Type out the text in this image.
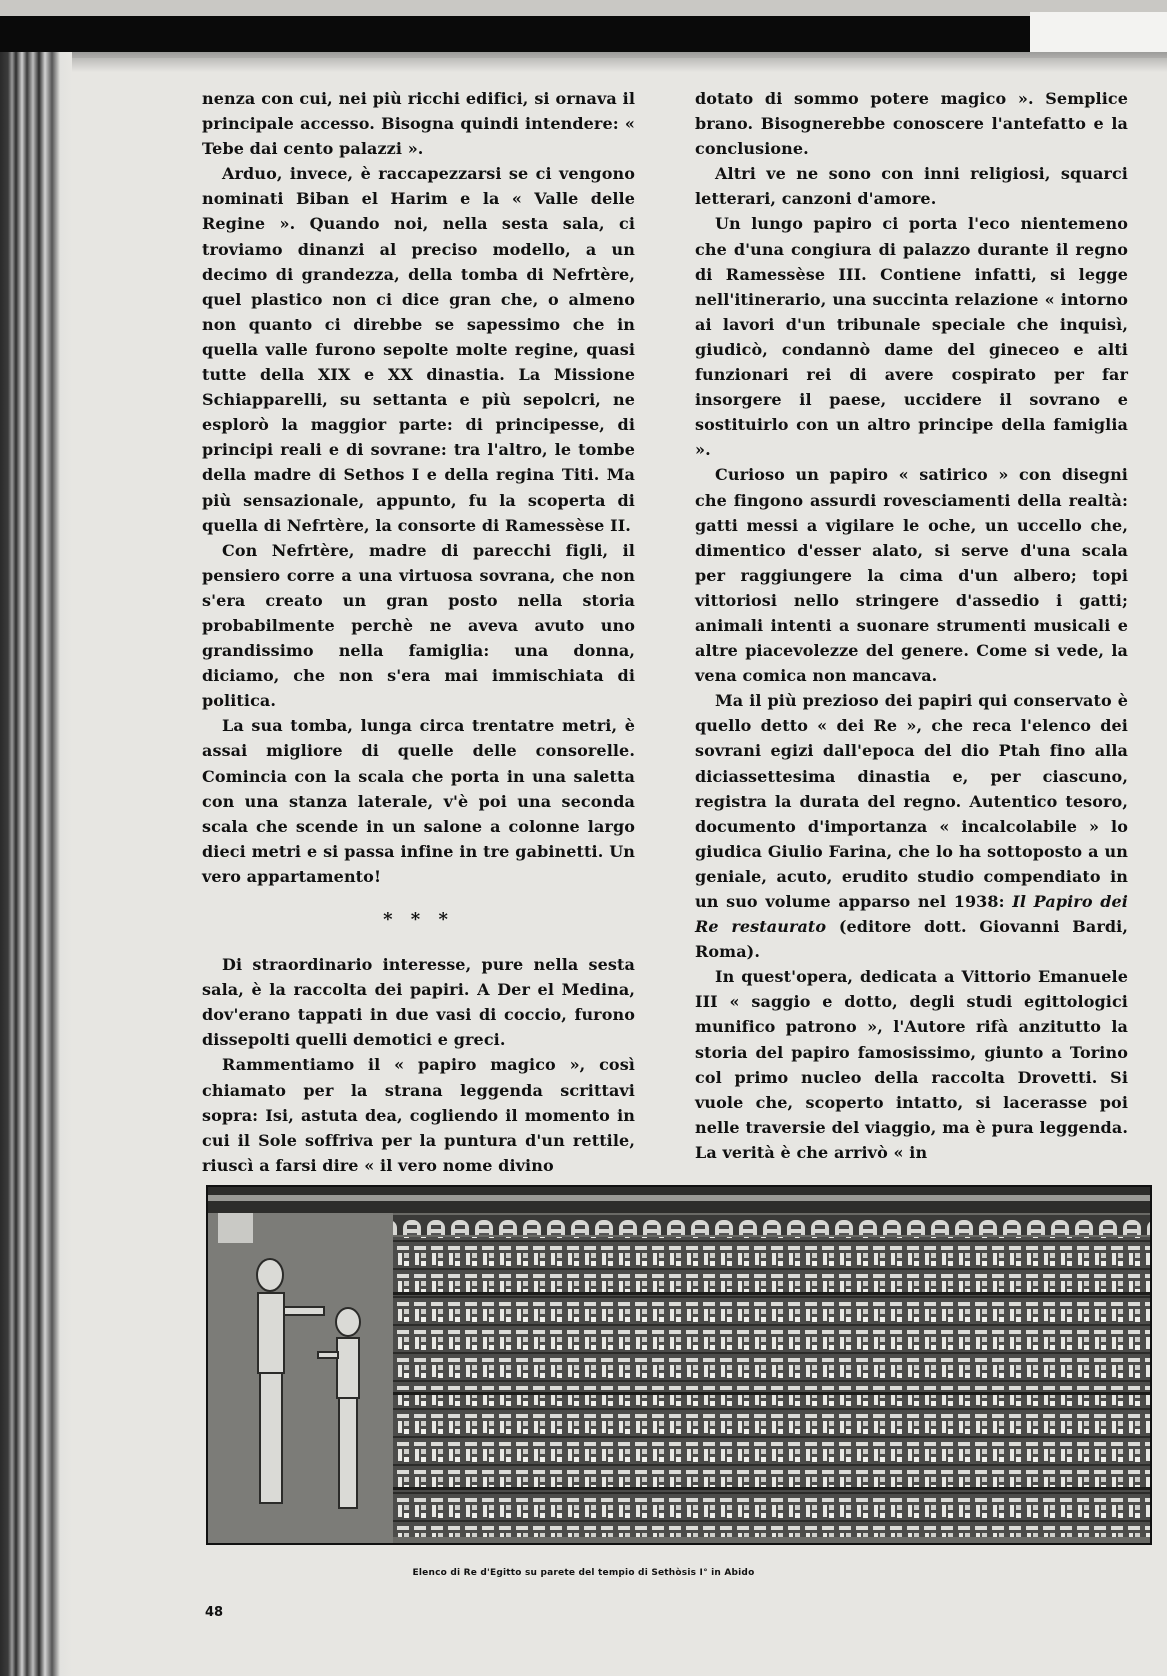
nenza con cui, nei più ricchi edifici, si ornava il principale accesso. Bisogna quindi intendere: « Tebe dai cento palazzi ».

Arduo, invece, è raccapezzarsi se ci vengono nominati Biban el Harim e la « Valle delle Regine ». Quando noi, nella sesta sala, ci troviamo dinanzi al preciso modello, a un decimo di grandezza, della tomba di Nefrtère, quel plastico non ci dice gran che, o almeno non quanto ci direbbe se sapessimo che in quella valle furono sepolte molte regine, quasi tutte della XIX e XX dinastia. La Missione Schiapparelli, su settanta e più sepolcri, ne esplorò la maggior parte: di principesse, di principi reali e di sovrane: tra l'altro, le tombe della madre di Sethos I e della regina Titi. Ma più sensazionale, appunto, fu la scoperta di quella di Nefrtère, la consorte di Ramessèse II.

Con Nefrtère, madre di parecchi figli, il pensiero corre a una virtuosa sovrana, che non s'era creato un gran posto nella storia probabilmente perchè ne aveva avuto uno grandissimo nella famiglia: una donna, diciamo, che non s'era mai immischiata di politica.

La sua tomba, lunga circa trentatre metri, è assai migliore di quelle delle consorelle. Comincia con la scala che porta in una saletta con una stanza laterale, v'è poi una seconda scala che scende in un salone a colonne largo dieci metri e si passa infine in tre gabinetti. Un vero appartamento!

* * *

Di straordinario interesse, pure nella sesta sala, è la raccolta dei papiri. A Der el Medina, dov'erano tappati in due vasi di coccio, furono dissepolti quelli demotici e greci.

Rammentiamo il « papiro magico », così chiamato per la strana leggenda scrittavi sopra: Isi, astuta dea, cogliendo il momento in cui il Sole soffriva per la puntura d'un rettile, riuscì a farsi dire « il vero nome divino

dotato di sommo potere magico ». Semplice brano. Bisognerebbe conoscere l'antefatto e la conclusione.

Altri ve ne sono con inni religiosi, squarci letterari, canzoni d'amore.

Un lungo papiro ci porta l'eco nientemeno che d'una congiura di palazzo durante il regno di Ramessèse III. Contiene infatti, si legge nell'itinerario, una succinta relazione « intorno ai lavori d'un tribunale speciale che inquisì, giudicò, condannò dame del gineceo e alti funzionari rei di avere cospirato per far insorgere il paese, uccidere il sovrano e sostituirlo con un altro principe della famiglia ».

Curioso un papiro « satirico » con disegni che fingono assurdi rovesciamenti della realtà: gatti messi a vigilare le oche, un uccello che, dimentico d'esser alato, si serve d'una scala per raggiungere la cima d'un albero; topi vittoriosi nello stringere d'assedio i gatti; animali intenti a suonare strumenti musicali e altre piacevolezze del genere. Come si vede, la vena comica non mancava.

Ma il più prezioso dei papiri qui conservato è quello detto « dei Re », che reca l'elenco dei sovrani egizi dall'epoca del dio Ptah fino alla diciassettesima dinastia e, per ciascuno, registra la durata del regno. Autentico tesoro, documento d'importanza « incalcolabile » lo giudica Giulio Farina, che lo ha sottoposto a un geniale, acuto, erudito studio compendiato in un suo volume apparso nel 1938: Il Papiro dei Re restaurato (editore dott. Giovanni Bardi, Roma).

In quest'opera, dedicata a Vittorio Emanuele III « saggio e dotto, degli studi egittologici munifico patrono », l'Autore rifà anzitutto la storia del papiro famosissimo, giunto a Torino col primo nucleo della raccolta Drovetti. Si vuole che, scoperto intatto, si lacerasse poi nelle traversie del viaggio, ma è pura leggenda. La verità è che arrivò « in

Elenco di Re d'Egitto su parete del tempio di Sethòsis I° in Abido
48
